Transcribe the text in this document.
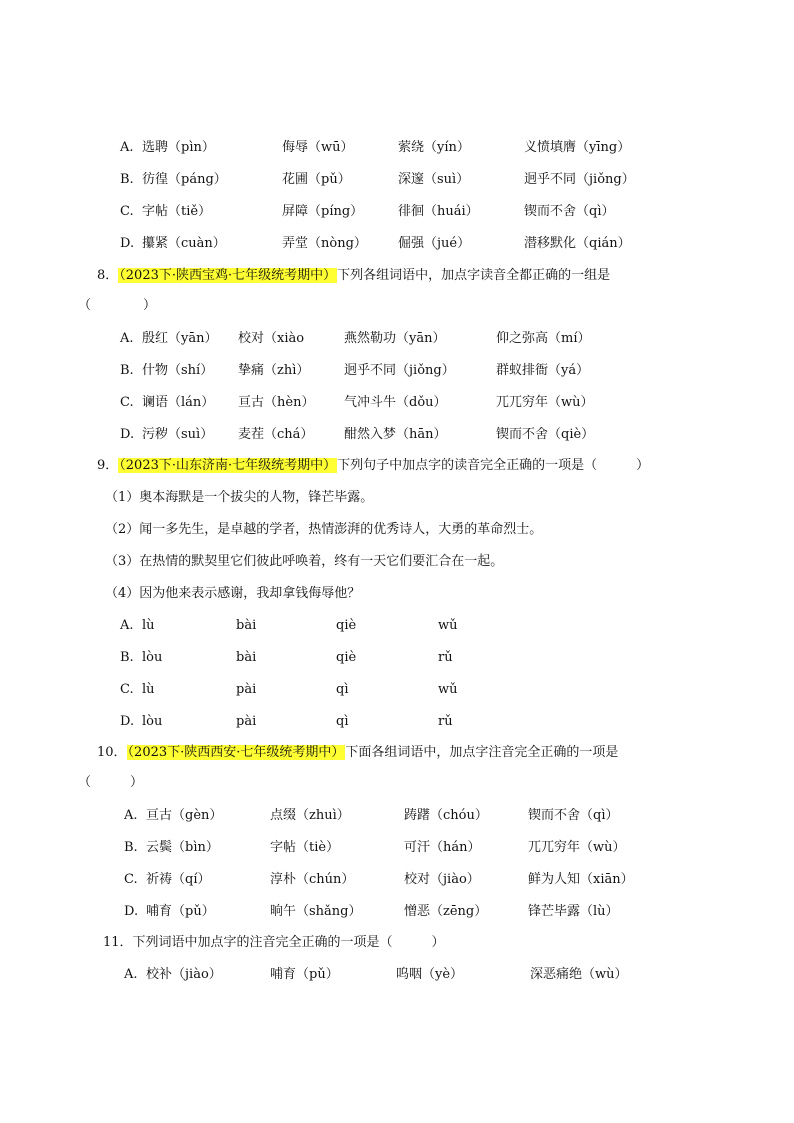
A. 选聘（pìn）	侮辱（wū）	萦绕（yín）	义愤填膺（yīng）
B. 彷徨（páng）	花圃（pǔ）	深邃（suì）	迥乎不同（jiǒng）
C. 字帖（tiě）	屏障（píng）	徘徊（huái）	锲而不舍（qì）
D. 攥紧（cuàn）	弄堂（nòng） 倔强（jué）	潜移默化（qián）
8．（2023下·陕西宝鸡·七年级统考期中）下列各组词语中，加点字读音全都正确的一组是
（　　　　）
A. 殷红（yān） 校对（xiào	燕然勒功（yān）	仰之弥高（mí）
B. 什物（shí） 挚痛（zhì）	迥乎不同（jiǒng）	群蚁排衙（yá）
C. 谰语（lán） 亘古（hèn） 气冲斗牛（dǒu）	兀兀穷年（wù）
D. 污秽（suì） 麦茬（chá） 酣然入梦（hān）	锲而不舍（qiè）
9．（2023下·山东济南·七年级统考期中）下列句子中加点字的读音完全正确的一项是（　　　）
（1）奥本海默是一个拔尖的人物，锋芒毕露。
（2）闻一多先生，是卓越的学者，热情澎湃的优秀诗人，大勇的革命烈士。
（3）在热情的默契里它们彼此呼唤着，终有一天它们要汇合在一起。
（4）因为他来表示感谢，我却拿钱侮辱他？
A. lù	bài	qiè	wǔ
B. lòu	bài	qiè	rǔ
C. lù	pài	qì	wǔ
D. lòu	pài	qì	rǔ
10．（2023下·陕西西安·七年级统考期中）下面各组词语中，加点字注音完全正确的一项是
（　　　）
A. 亘古（gèn）	点缀（zhuì）	踌躇（chóu）	锲而不舍（qì）
B. 云鬓（bìn）	字帖（tiè）	可汗（hán）	兀兀穷年（wù）
C. 祈祷（qí）	淳朴（chún）	校对（jiào）	鲜为人知（xiān）
D. 哺育（pǔ）	晌午（shǎng）	憎恶（zēng）	锋芒毕露（lù）
11．下列词语中加点字的注音完全正确的一项是（　　　）
A. 校补（jiào）	哺育（pǔ）	呜咽（yè）	深恶痛绝（wù）
